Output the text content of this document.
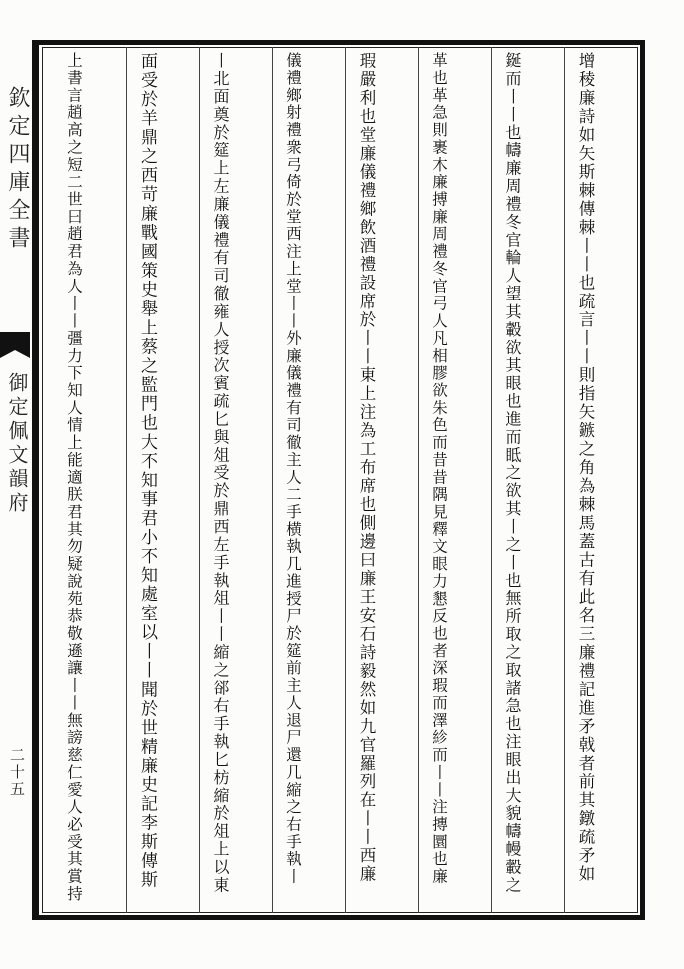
欽定四庫全書
御定佩文韻府
二十五	增稜廉詩如矢斯棘傳棘丨丨也疏言丨丨則指矢鏃之角為棘馬蓋古有此名三廉禮記進矛戟者前其鐓疏矛如
鋋而丨丨也幬廉周禮冬官輪人望其轂欲其眼也進而眡之欲其丨之丨也無所取之取諸急也注眼出大貌幬幔轂之
革也革急則裹木廉搏廉周禮冬官弓人凡相膠欲朱色而昔昔隅見釋文眼力懇反也者深瑕而澤紾而丨丨注摶圜也廉
瑕嚴利也堂廉儀禮鄉飲酒禮設席於丨丨東上注為工布席也側邊曰廉王安石詩毅然如九官羅列在丨丨西廉
儀禮鄉射禮衆弓倚於堂西注上堂丨丨外廉儀禮有司徹主人二手横執几進授尸於筵前主人退尸還几縮之右手執丨
丨北面奠於筵上左廉儀禮有司徹雍人授次賓疏匕與俎受於鼎西左手執俎丨丨縮之郤右手執匕枋縮於俎上以東
面受於羊鼎之西苛廉戰國策史舉上蔡之監門也大不知事君小不知處室以丨丨聞於世精廉史記李斯傳斯
上書言趙高之短二世曰趙君為人丨丨彊力下知人情上能適朕君其勿疑說苑恭敬遜讓丨丨無謗慈仁愛人必受其賞持
